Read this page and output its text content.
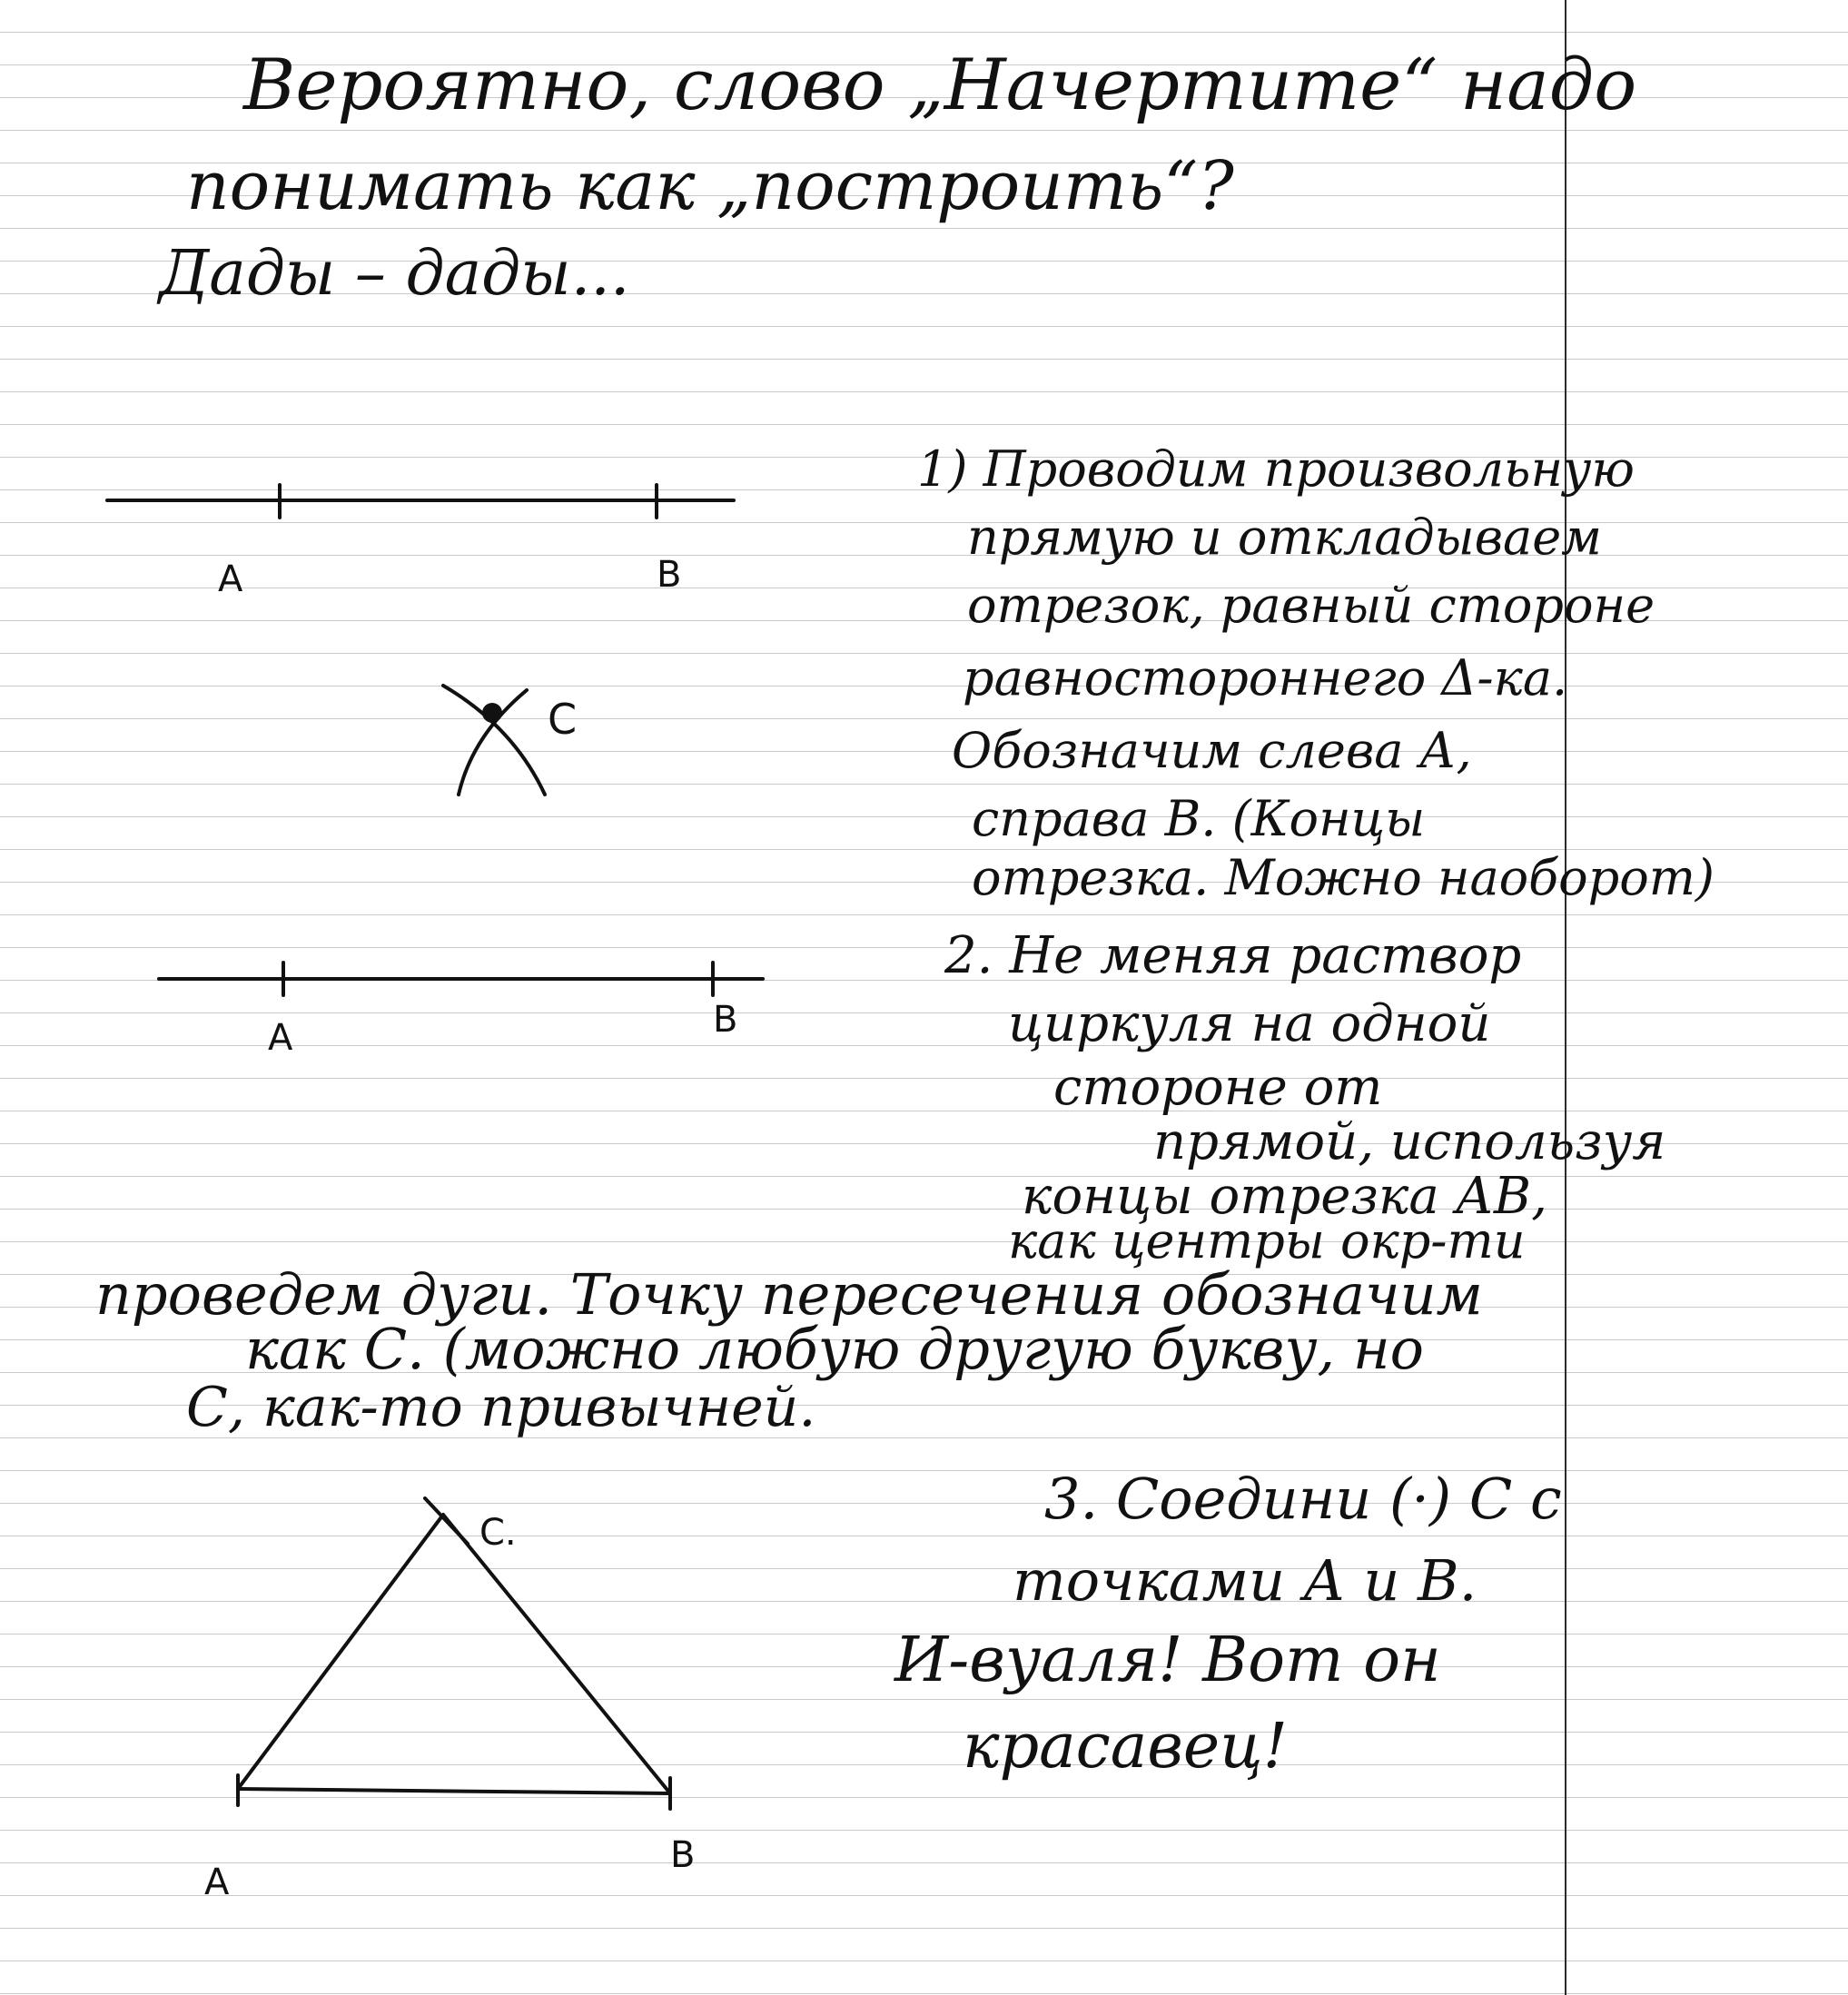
Вероятно, слово „Начертите“ надо

понимать как „построить“?

Дады – дады...

1) Проводим произвольную

прямую и откладываем

отрезок, равный стороне

равностороннего Δ-ка.

Обозначим слева А,

справа В. (Концы

отрезка. Можно наоборот)

2. Не меняя раствор

циркуля на одной

стороне от

прямой, используя

концы отрезка АВ,

как центры окр-ти

проведем дуги. Точку пересечения обозначим

как С. (можно любую другую букву, но

С, как-то привычней.

3. Соедини (·) С с

точками А и В.

И-вуаля! Вот он

красавец!

A	B
C
A	B
A
B
C.
